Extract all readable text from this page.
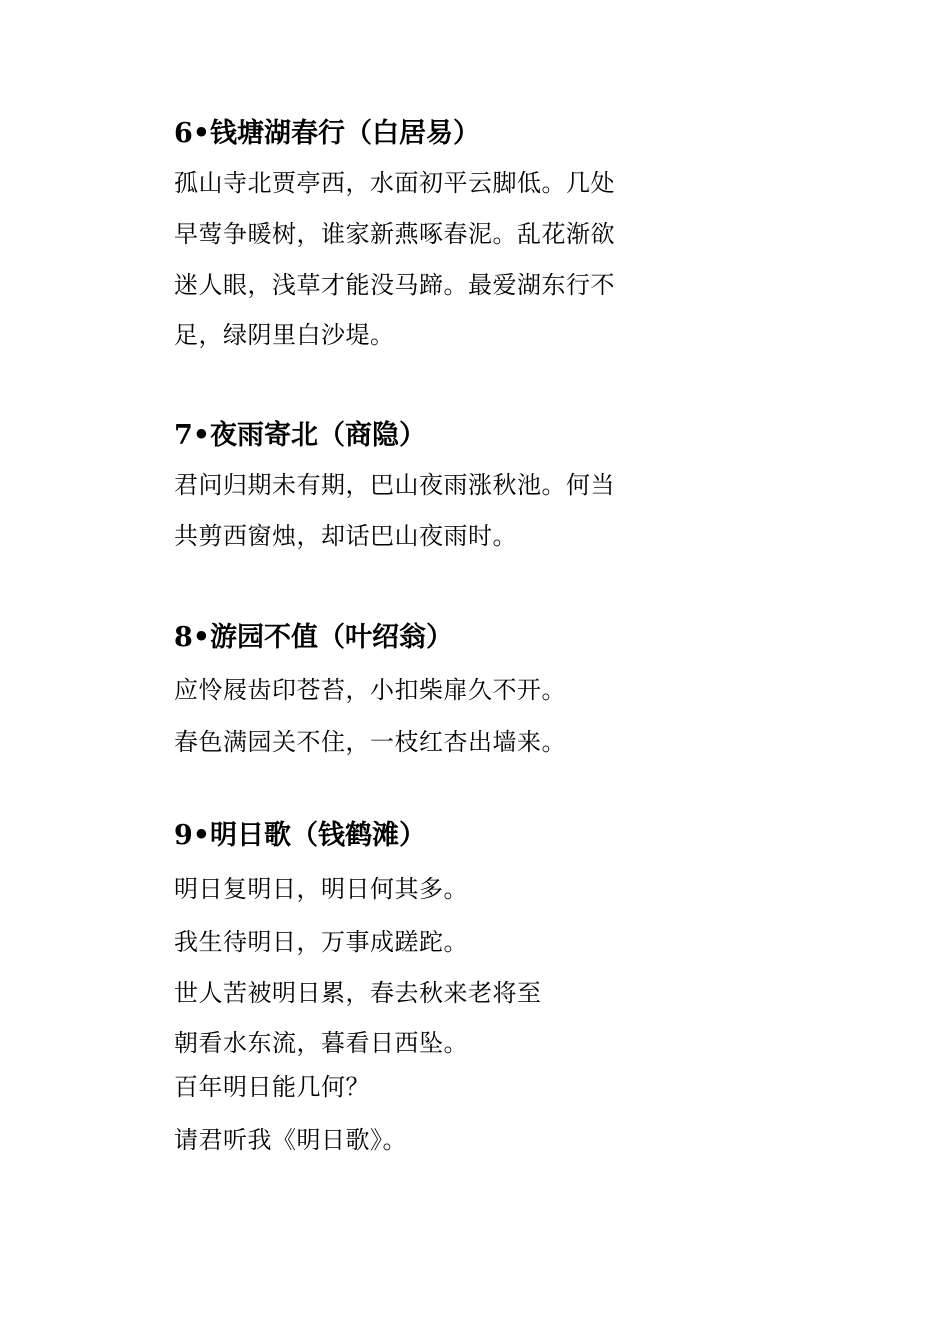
6•钱塘湖春行（白居易）
孤山寺北贾亭西，水面初平云脚低。几处
早莺争暖树，谁家新燕啄春泥。乱花渐欲
迷人眼，浅草才能没马蹄。最爱湖东行不
足，绿阴里白沙堤。
7•夜雨寄北（商隐）
君问归期未有期，巴山夜雨涨秋池。何当
共剪西窗烛，却话巴山夜雨时。
8•游园不值（叶绍翁）
应怜屐齿印苍苔，小扣柴扉久不开。
春色满园关不住，一枝红杏出墙来。
9•明日歌（钱鹤滩）
明日复明日，明日何其多。
我生待明日，万事成蹉跎。
世人苦被明日累，春去秋来老将至
朝看水东流，暮看日西坠。
百年明日能几何？
请君听我《明日歌》。
